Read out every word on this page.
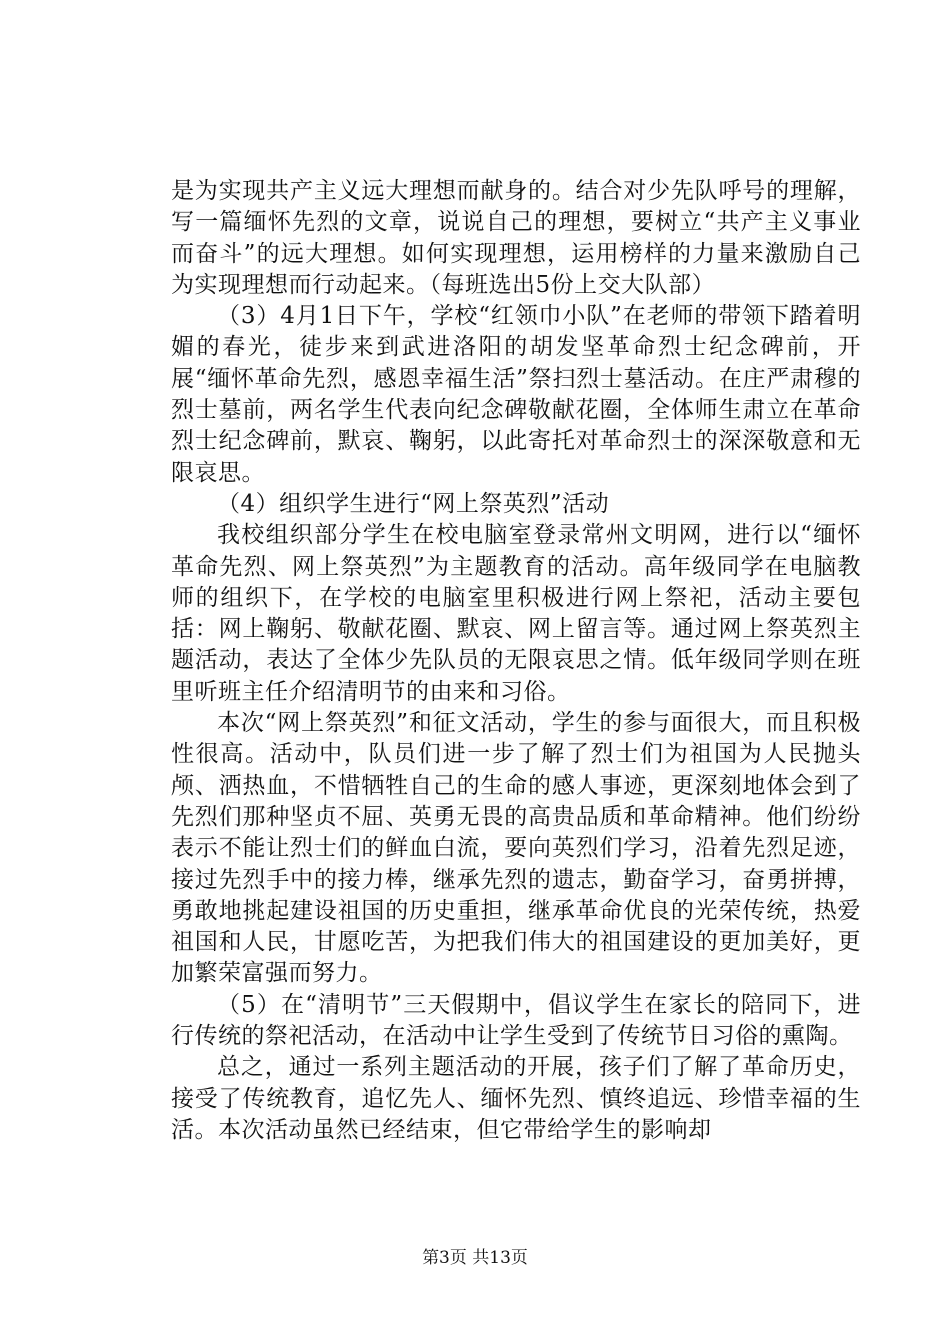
是为实现共产主义远大理想而献身的。结合对少先队呼号的理解，写一篇缅怀先烈的文章，说说自己的理想，要树立“共产主义事业而奋斗”的远大理想。如何实现理想，运用榜样的力量来激励自己为实现理想而行动起来。（每班选出5份上交大队部）

（3）4月1日下午，学校“红领巾小队”在老师的带领下踏着明媚的春光，徒步来到武进洛阳的胡发坚革命烈士纪念碑前，开展“缅怀革命先烈，感恩幸福生活”祭扫烈士墓活动。在庄严肃穆的烈士墓前，两名学生代表向纪念碑敬献花圈，全体师生肃立在革命烈士纪念碑前，默哀、鞠躬，以此寄托对革命烈士的深深敬意和无限哀思。

（4）组织学生进行“网上祭英烈”活动

我校组织部分学生在校电脑室登录常州文明网，进行以“缅怀革命先烈、网上祭英烈”为主题教育的活动。高年级同学在电脑教师的组织下，在学校的电脑室里积极进行网上祭祀，活动主要包括：网上鞠躬、敬献花圈、默哀、网上留言等。通过网上祭英烈主题活动，表达了全体少先队员的无限哀思之情。低年级同学则在班里听班主任介绍清明节的由来和习俗。

本次“网上祭英烈”和征文活动，学生的参与面很大，而且积极性很高。活动中，队员们进一步了解了烈士们为祖国为人民抛头颅、洒热血，不惜牺牲自己的生命的感人事迹，更深刻地体会到了先烈们那种坚贞不屈、英勇无畏的高贵品质和革命精神。他们纷纷表示不能让烈士们的鲜血白流，要向英烈们学习，沿着先烈足迹，接过先烈手中的接力棒，继承先烈的遗志，勤奋学习，奋勇拼搏，勇敢地挑起建设祖国的历史重担，继承革命优良的光荣传统，热爱祖国和人民，甘愿吃苦，为把我们伟大的祖国建设的更加美好，更加繁荣富强而努力。

（5）在“清明节”三天假期中，倡议学生在家长的陪同下，进行传统的祭祀活动，在活动中让学生受到了传统节日习俗的熏陶。

总之，通过一系列主题活动的开展，孩子们了解了革命历史，接受了传统教育，追忆先人、缅怀先烈、慎终追远、珍惜幸福的生活。本次活动虽然已经结束，但它带给学生的影响却

第3页 共13页
